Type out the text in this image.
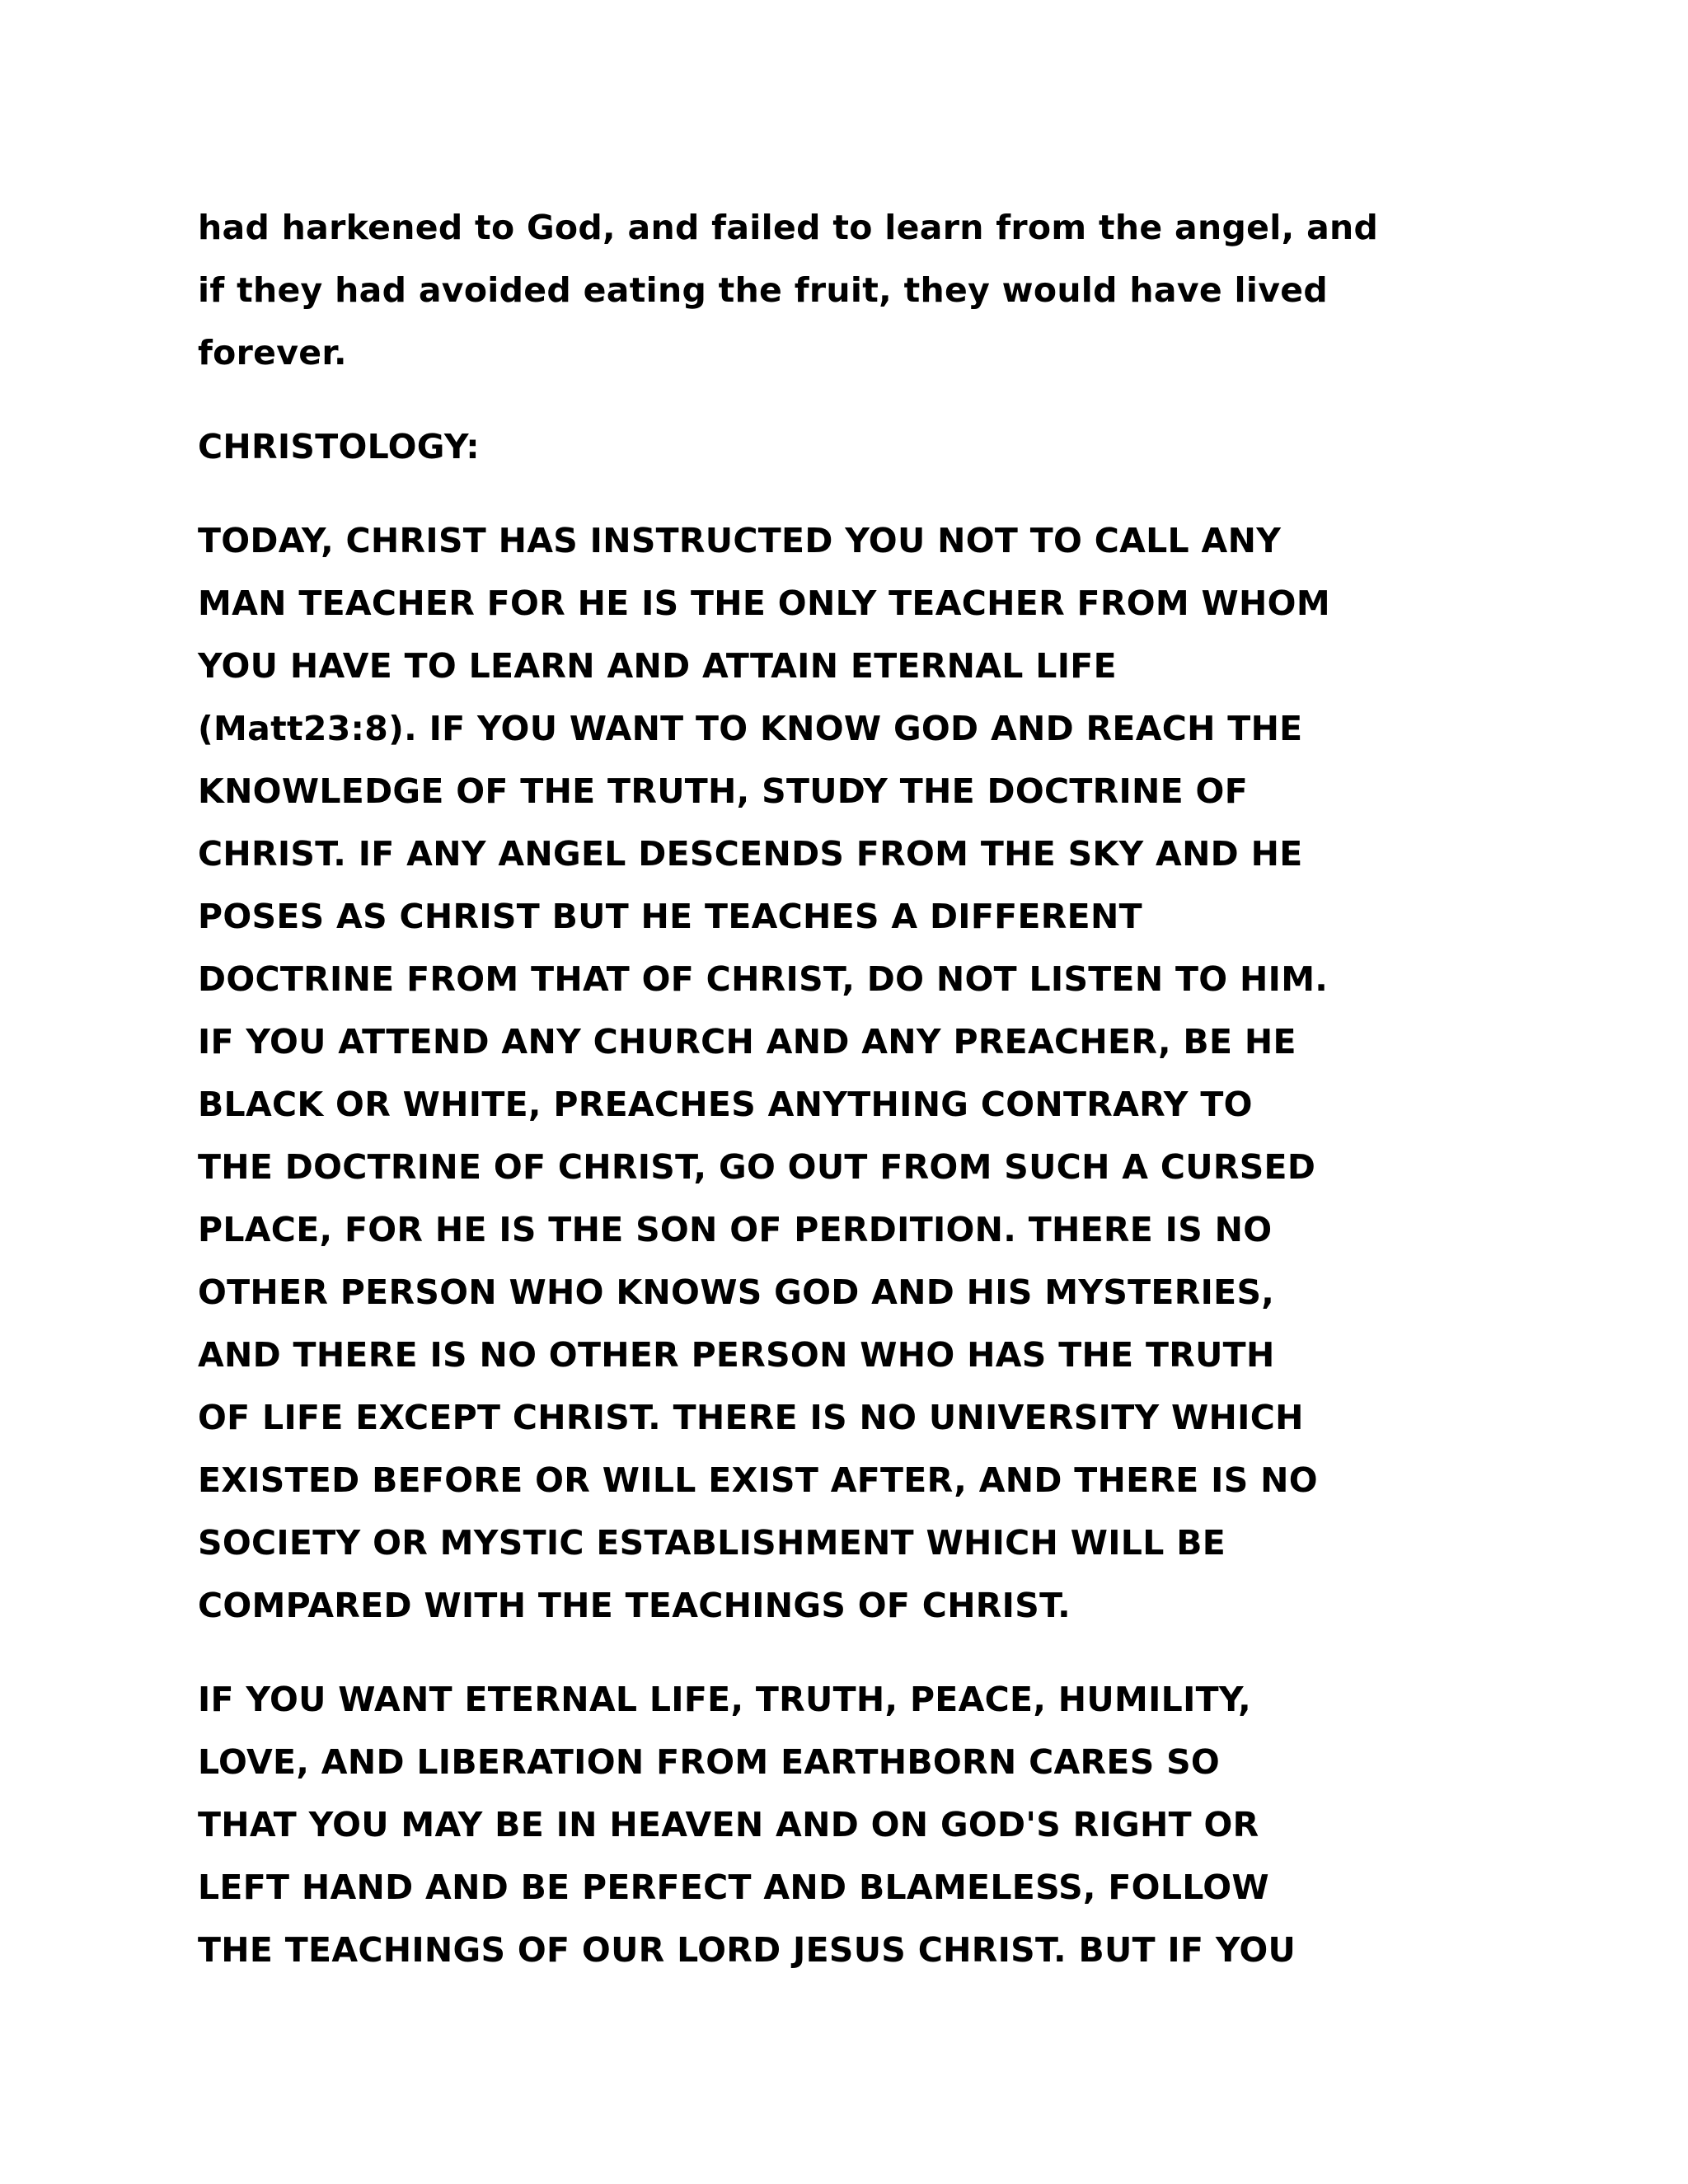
had harkened to God, and failed to learn from the angel, and
if they had avoided eating the fruit, they would have lived
forever.
CHRISTOLOGY:
TODAY, CHRIST HAS INSTRUCTED YOU NOT TO CALL ANY
MAN TEACHER FOR HE IS THE ONLY TEACHER FROM WHOM
YOU HAVE TO LEARN AND ATTAIN ETERNAL LIFE
(Matt23:8). IF YOU WANT TO KNOW GOD AND REACH THE
KNOWLEDGE OF THE TRUTH, STUDY THE DOCTRINE OF
CHRIST. IF ANY ANGEL DESCENDS FROM THE SKY AND HE
POSES AS CHRIST BUT HE TEACHES A DIFFERENT
DOCTRINE FROM THAT OF CHRIST, DO NOT LISTEN TO HIM.
IF YOU ATTEND ANY CHURCH AND ANY PREACHER, BE HE
BLACK OR WHITE, PREACHES ANYTHING CONTRARY TO
THE DOCTRINE OF CHRIST, GO OUT FROM SUCH A CURSED
PLACE, FOR HE IS THE SON OF PERDITION. THERE IS NO
OTHER PERSON WHO KNOWS GOD AND HIS MYSTERIES,
AND THERE IS NO OTHER PERSON WHO HAS THE TRUTH
OF LIFE EXCEPT CHRIST. THERE IS NO UNIVERSITY WHICH
EXISTED BEFORE OR WILL EXIST AFTER, AND THERE IS NO
SOCIETY OR MYSTIC ESTABLISHMENT WHICH WILL BE
COMPARED WITH THE TEACHINGS OF CHRIST.
IF YOU WANT ETERNAL LIFE, TRUTH, PEACE, HUMILITY,
LOVE, AND LIBERATION FROM EARTHBORN CARES SO
THAT YOU MAY BE IN HEAVEN AND ON GOD'S RIGHT OR
LEFT HAND AND BE PERFECT AND BLAMELESS, FOLLOW
THE TEACHINGS OF OUR LORD JESUS CHRIST. BUT IF YOU
